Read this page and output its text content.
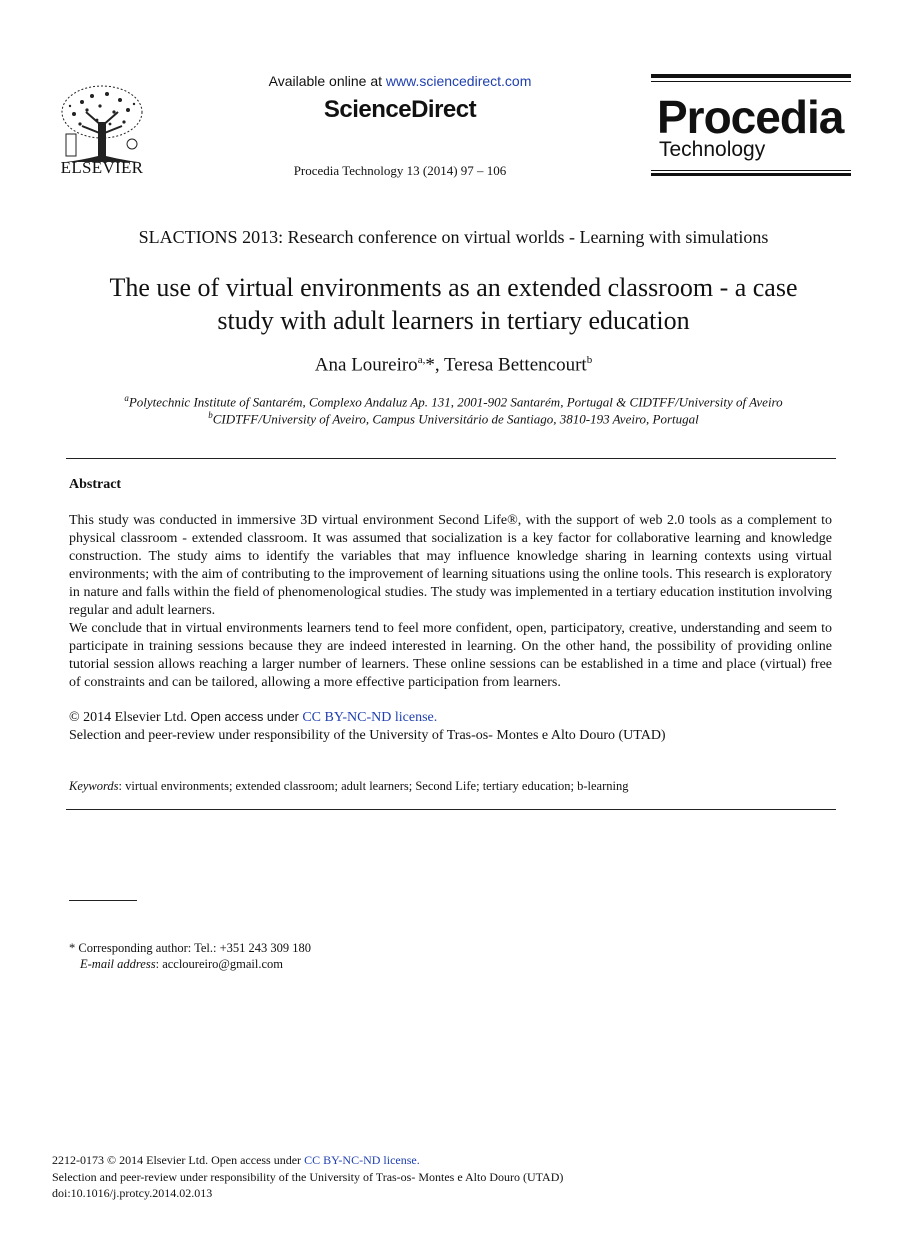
ELSEVIER
Available online at www.sciencedirect.com
ScienceDirect
Procedia Technology 13 (2014) 97 – 106
Procedia
Technology
SLACTIONS 2013: Research conference on virtual worlds - Learning with simulations
The use of virtual environments as an extended classroom - a case
study with adult learners in tertiary education
Ana Loureiro$^{a,}$*, Teresa Bettencourt$^b$
$^a$Polytechnic Institute of Santarém, Complexo Andaluz Ap. 131, 2001-902 Santarém, Portugal & CIDTFF/University of Aveiro
$^b$CIDTFF/University of Aveiro, Campus Universitário de Santiago, 3810-193 Aveiro, Portugal
Abstract
This study was conducted in immersive 3D virtual environment Second Life®, with the support of web 2.0 tools as a complement to physical classroom - extended classroom. It was assumed that socialization is a key factor for collaborative learning and knowledge construction. The study aims to identify the variables that may influence knowledge sharing in learning contexts using virtual environments; with the aim of contributing to the improvement of learning situations using the online tools. This research is exploratory in nature and falls within the field of phenomenological studies. The study was implemented in a tertiary education institution involving regular and adult learners.
We conclude that in virtual environments learners tend to feel more confident, open, participatory, creative, understanding and seem to participate in training sessions because they are indeed interested in learning. On the other hand, the possibility of providing online tutorial session allows reaching a larger number of learners. These online sessions can be established in a time and place (virtual) free of constraints and can be tailored, allowing a more effective participation from learners.
© 2014 Elsevier Ltd. Open access under CC BY-NC-ND license.
Selection and peer-review under responsibility of the University of Tras-os- Montes e Alto Douro (UTAD)
Keywords: virtual environments; extended classroom; adult learners; Second Life; tertiary education; b-learning
* Corresponding author: Tel.: +351 243 309 180
E-mail address: accloureiro@gmail.com
2212-0173 © 2014 Elsevier Ltd. Open access under CC BY-NC-ND license.
Selection and peer-review under responsibility of the University of Tras-os- Montes e Alto Douro (UTAD)
doi:10.1016/j.protcy.2014.02.013
